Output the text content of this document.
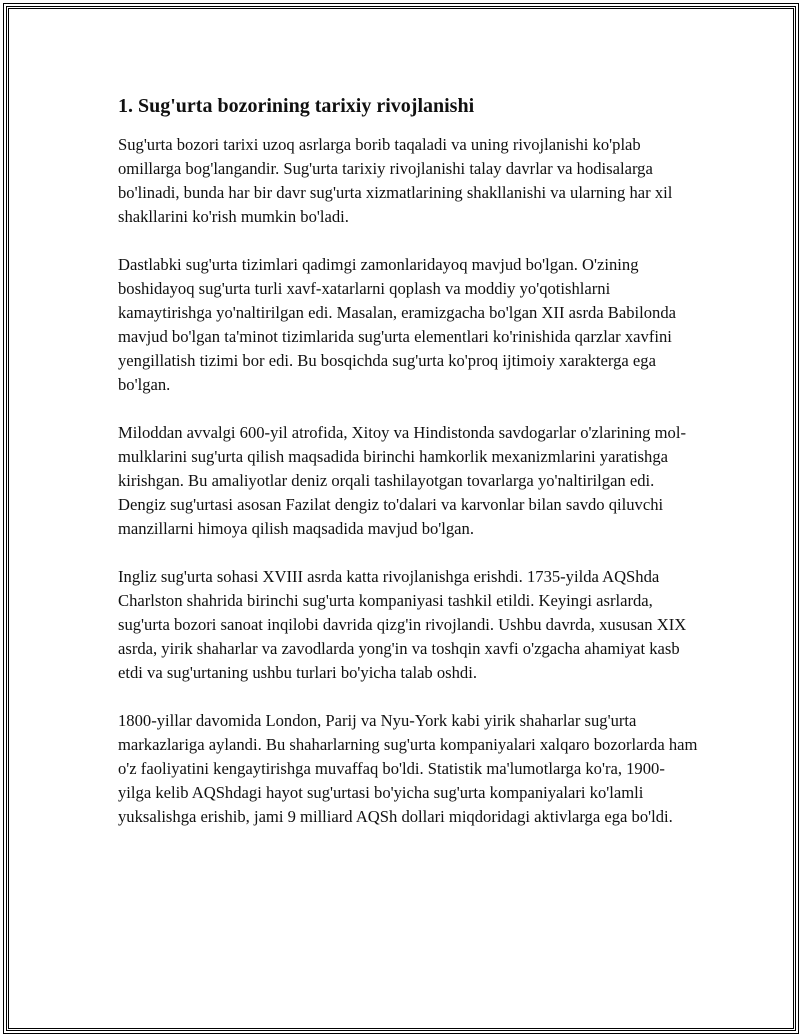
1. Sug'urta bozorining tarixiy rivojlanishi

Sug'urta bozori tarixi uzoq asrlarga borib taqaladi va uning rivojlanishi ko'plab omillarga bog'langandir. Sug'urta tarixiy rivojlanishi talay davrlar va hodisalarga bo'linadi, bunda har bir davr sug'urta xizmatlarining shakllanishi va ularning har xil shakllarini ko'rish mumkin bo'ladi.

Dastlabki sug'urta tizimlari qadimgi zamonlaridayoq mavjud bo'lgan. O'zining boshidayoq sug'urta turli xavf-xatarlarni qoplash va moddiy yo'qotishlarni kamaytirishga yo'naltirilgan edi. Masalan, eramizgacha bo'lgan XII asrda Babilonda mavjud bo'lgan ta'minot tizimlarida sug'urta elementlari ko'rinishida qarzlar xavfini yengillatish tizimi bor edi. Bu bosqichda sug'urta ko'proq ijtimoiy xarakterga ega bo'lgan.

Miloddan avvalgi 600-yil atrofida, Xitoy va Hindistonda savdogarlar o'zlarining mol-mulklarini sug'urta qilish maqsadida birinchi hamkorlik mexanizmlarini yaratishga kirishgan. Bu amaliyotlar deniz orqali tashilayotgan tovarlarga yo'naltirilgan edi. Dengiz sug'urtasi asosan Fazilat dengiz to'dalari va karvonlar bilan savdo qiluvchi manzillarni himoya qilish maqsadida mavjud bo'lgan.

Ingliz sug'urta sohasi XVIII asrda katta rivojlanishga erishdi. 1735-yilda AQShda Charlston shahrida birinchi sug'urta kompaniyasi tashkil etildi. Keyingi asrlarda, sug'urta bozori sanoat inqilobi davrida qizg'in rivojlandi. Ushbu davrda, xususan XIX asrda, yirik shaharlar va zavodlarda yong'in va toshqin xavfi o'zgacha ahamiyat kasb etdi va sug'urtaning ushbu turlari bo'yicha talab oshdi.

1800-yillar davomida London, Parij va Nyu-York kabi yirik shaharlar sug'urta markazlariga aylandi. Bu shaharlarning sug'urta kompaniyalari xalqaro bozorlarda ham o'z faoliyatini kengaytirishga muvaffaq bo'ldi. Statistik ma'lumotlarga ko'ra, 1900-yilga kelib AQShdagi hayot sug'urtasi bo'yicha sug'urta kompaniyalari ko'lamli yuksalishga erishib, jami 9 milliard AQSh dollari miqdoridagi aktivlarga ega bo'ldi.
